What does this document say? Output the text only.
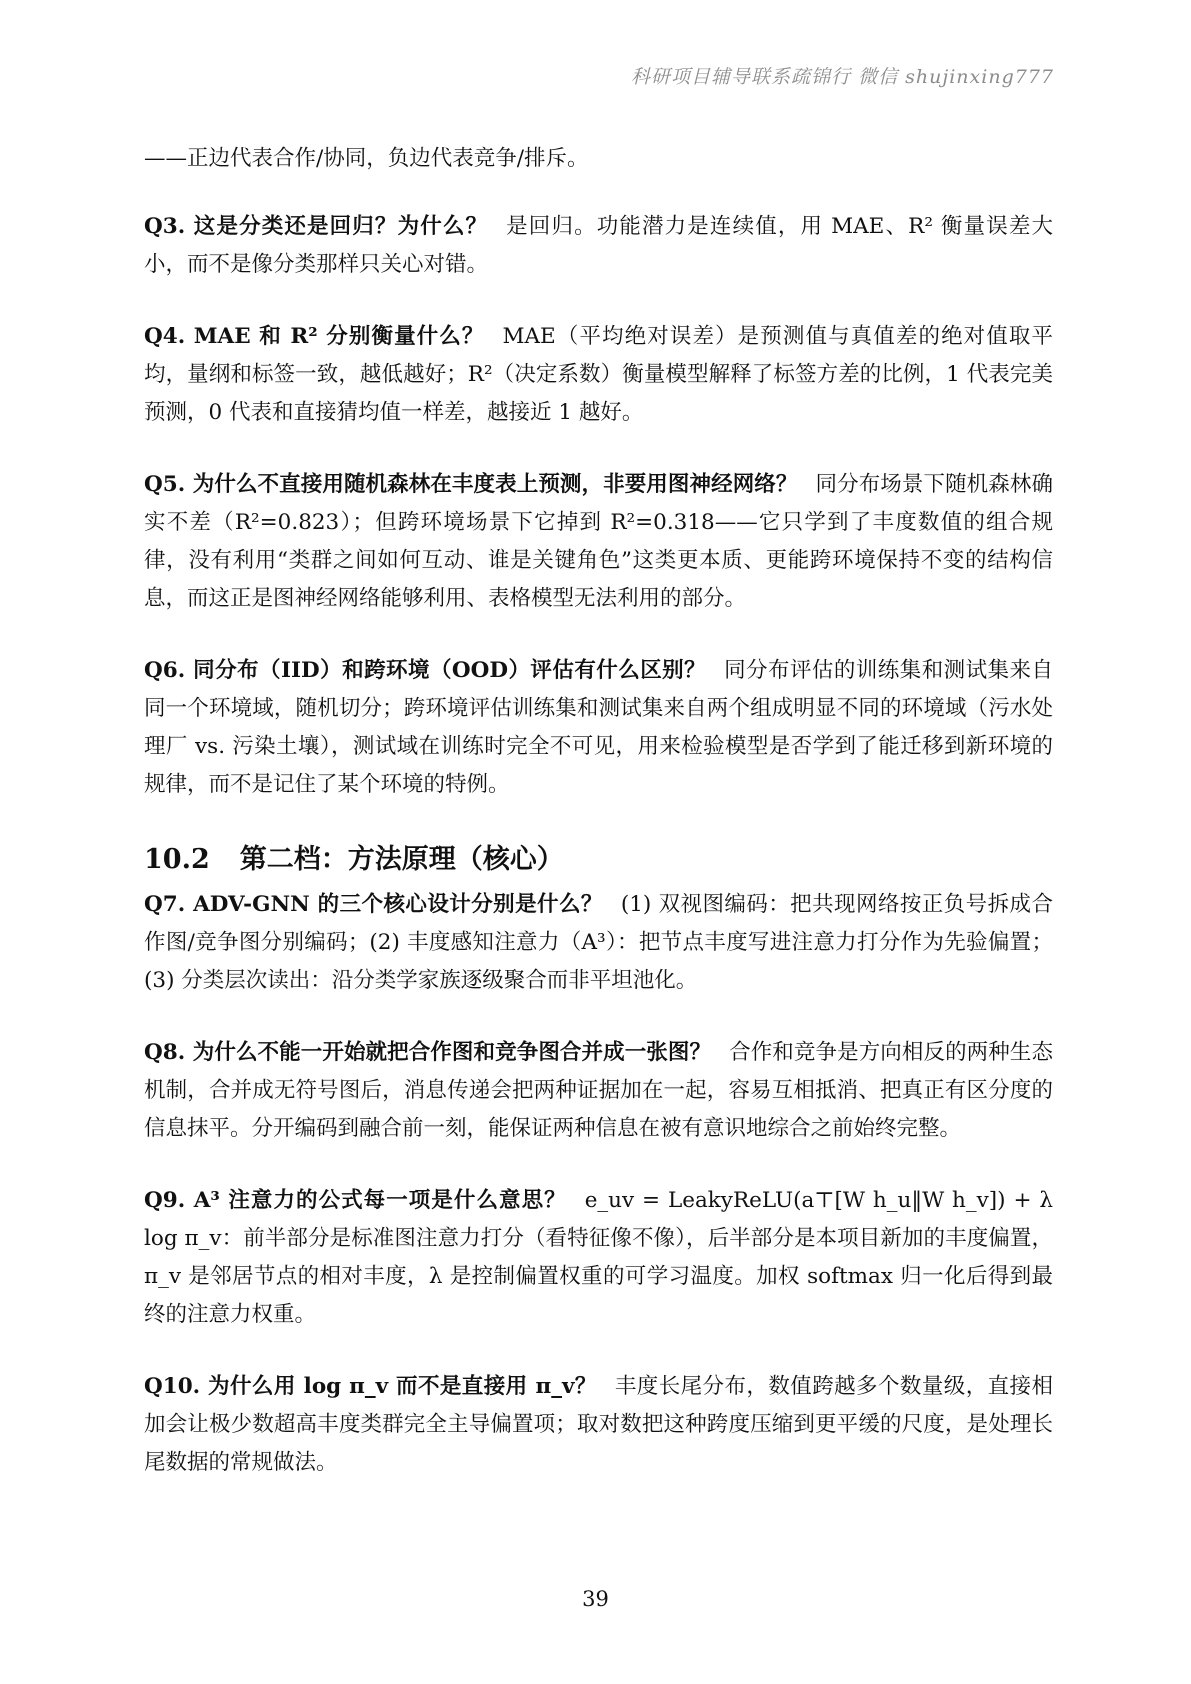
科研项目辅导联系疏锦行 微信 shujinxing777

——正边代表合作/协同，负边代表竞争/排斥。

Q3. 这是分类还是回归？为什么？ 是回归。功能潜力是连续值，用 MAE、R² 衡量误差大小，而不是像分类那样只关心对错。

Q4. MAE 和 R² 分别衡量什么？ MAE（平均绝对误差）是预测值与真值差的绝对值取平均，量纲和标签一致，越低越好；R²（决定系数）衡量模型解释了标签方差的比例，1 代表完美预测，0 代表和直接猜均值一样差，越接近 1 越好。

Q5. 为什么不直接用随机森林在丰度表上预测，非要用图神经网络？ 同分布场景下随机森林确实不差（R²=0.823）；但跨环境场景下它掉到 R²=0.318——它只学到了丰度数值的组合规律，没有利用“类群之间如何互动、谁是关键角色”这类更本质、更能跨环境保持不变的结构信息，而这正是图神经网络能够利用、表格模型无法利用的部分。

Q6. 同分布（IID）和跨环境（OOD）评估有什么区别？ 同分布评估的训练集和测试集来自同一个环境域，随机切分；跨环境评估训练集和测试集来自两个组成明显不同的环境域（污水处理厂 vs. 污染土壤），测试域在训练时完全不可见，用来检验模型是否学到了能迁移到新环境的规律，而不是记住了某个环境的特例。

10.2 第二档：方法原理（核心）

Q7. ADV-GNN 的三个核心设计分别是什么？ (1) 双视图编码：把共现网络按正负号拆成合作图/竞争图分别编码；(2) 丰度感知注意力（A³）：把节点丰度写进注意力打分作为先验偏置；(3) 分类层次读出：沿分类学家族逐级聚合而非平坦池化。

Q8. 为什么不能一开始就把合作图和竞争图合并成一张图？ 合作和竞争是方向相反的两种生态机制，合并成无符号图后，消息传递会把两种证据加在一起，容易互相抵消、把真正有区分度的信息抹平。分开编码到融合前一刻，能保证两种信息在被有意识地综合之前始终完整。

Q9. A³ 注意力的公式每一项是什么意思？ e_uv = LeakyReLU(a⊤[W h_u‖W h_v]) + λ log π_v：前半部分是标准图注意力打分（看特征像不像），后半部分是本项目新加的丰度偏置，π_v 是邻居节点的相对丰度，λ 是控制偏置权重的可学习温度。加权 softmax 归一化后得到最终的注意力权重。

Q10. 为什么用 log π_v 而不是直接用 π_v？ 丰度长尾分布，数值跨越多个数量级，直接相加会让极少数超高丰度类群完全主导偏置项；取对数把这种跨度压缩到更平缓的尺度，是处理长尾数据的常规做法。

39
